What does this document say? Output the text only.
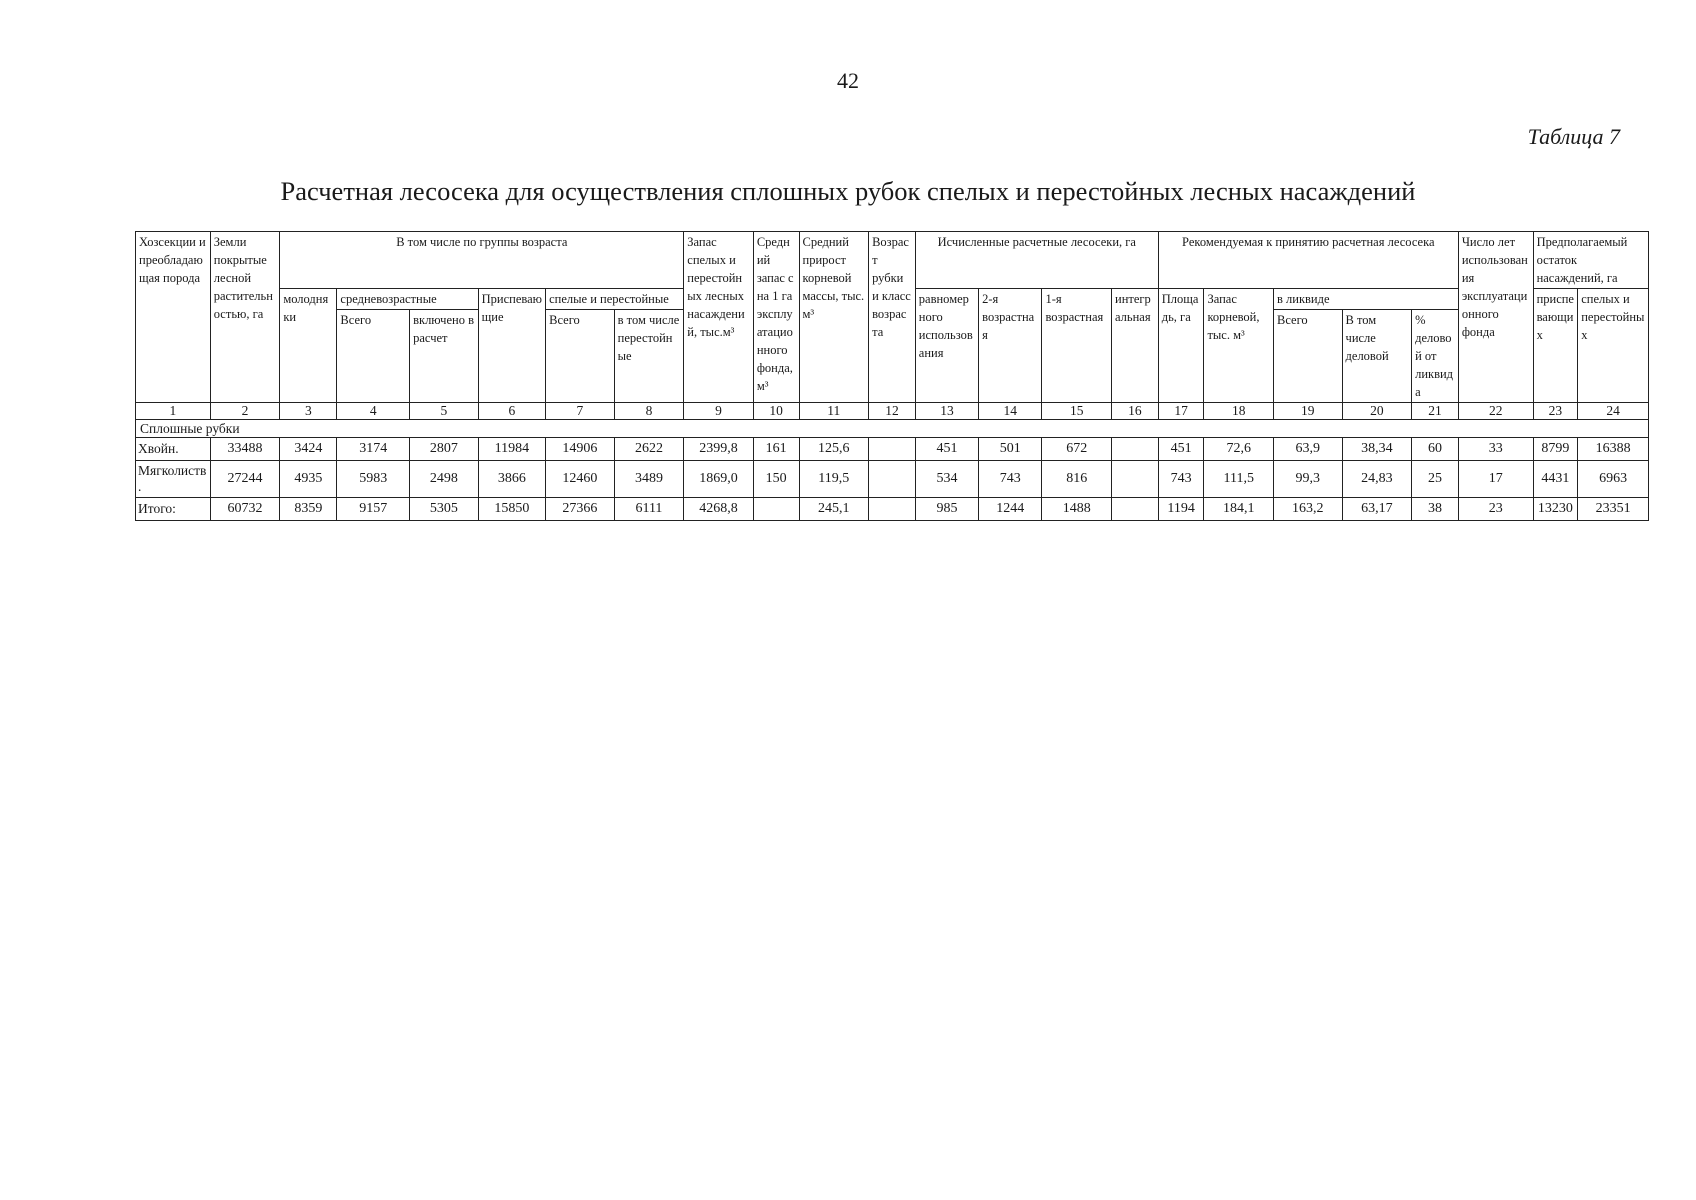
42
Таблица 7
Расчетная лесосека для осуществления сплошных рубок спелых и перестойных лесных насаждений
Хозсекции и преобладающая порода	Земли покрытые лесной растительностью, га	В том числе по группы возраста						Запас спелых и перестойных лесных насаждений, тыс.м³	Средний запас с на 1 га эксплуатационного фонда, м³	Средний прирост корневой массы, тыс. м³	Возраст рубки и класс возраста	Исчисленные расчетные лесосеки, га				Рекомендуемая к принятию расчетная лесосека					Число лет использования эксплуатационного фонда	Предполагаемый остаток насаждений, га	
		молодняки	средневозрастные		Приспевающие	спелые и перестойные						равномерного использования	2-я возрастная	1-я возрастная	интегральная	Площадь, га	Запас корневой, тыс. м³	в ликвиде				приспевающих	спелых и перестойных
			Всего	включено в расчет		Всего	в том числе перестойные											Всего	В том числе деловой	% деловой от ликвида			

1	2	3	4	5	6	7	8	9	10	11	12	13	14	15	16	17	18	19	20	21	22	23	24
Сплошные рубки																							
Хвойн.	33488	3424	3174	2807	11984	14906	2622	2399,8	161	125,6		451	501	672		451	72,6	63,9	38,34	60	33	8799	16388
Мягколиств.	27244	4935	5983	2498	3866	12460	3489	1869,0	150	119,5		534	743	816		743	111,5	99,3	24,83	25	17	4431	6963
Итого:	60732	8359	9157	5305	15850	27366	6111	4268,8		245,1		985	1244	1488		1194	184,1	163,2	63,17	38	23	13230	23351
